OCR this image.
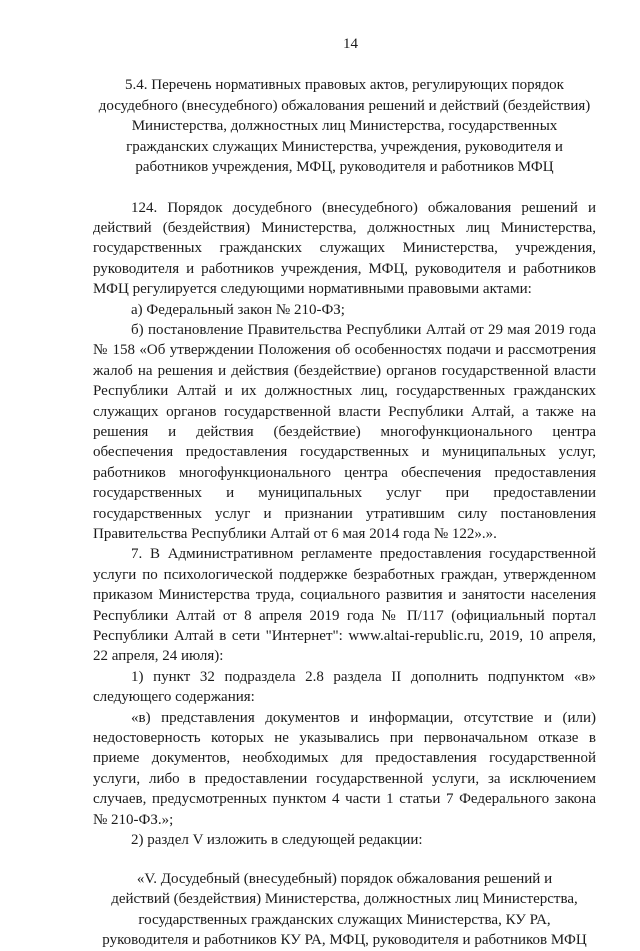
14
5.4. Перечень нормативных правовых актов, регулирующих порядок
досудебного (внесудебного) обжалования решений и действий (бездействия)
Министерства, должностных лиц Министерства, государственных
гражданских служащих Министерства, учреждения, руководителя и
работников учреждения, МФЦ, руководителя и работников МФЦ

124. Порядок досудебного (внесудебного) обжалования решений и действий (бездействия) Министерства, должностных лиц Министерства, государственных гражданских служащих Министерства, учреждения, руководителя и работников учреждения, МФЦ, руководителя и работников МФЦ регулируется следующими нормативными правовыми актами:

а) Федеральный закон № 210-ФЗ;

б) постановление Правительства Республики Алтай от 29 мая 2019 года № 158 «Об утверждении Положения об особенностях подачи и рассмотрения жалоб на решения и действия (бездействие) органов государственной власти Республики Алтай и их должностных лиц, государственных гражданских служащих органов государственной власти Республики Алтай, а также на решения и действия (бездействие) многофункционального центра обеспечения предоставления государственных и муниципальных услуг, работников многофункционального центра обеспечения предоставления государственных и муниципальных услуг при предоставлении государственных услуг и признании утратившим силу постановления Правительства Республики Алтай от 6 мая 2014 года № 122».».

7. В Административном регламенте предоставления государственной услуги по психологической поддержке безработных граждан, утвержденном приказом Министерства труда, социального развития и занятости населения Республики Алтай от 8 апреля 2019 года № П/117 (официальный портал Республики Алтай в сети "Интернет": www.altai-republic.ru, 2019, 10 апреля, 22 апреля, 24 июля):

1) пункт 32 подраздела 2.8 раздела II дополнить подпунктом «в» следующего содержания:

«в) представления документов и информации, отсутствие и (или) недостоверность которых не указывались при первоначальном отказе в приеме документов, необходимых для предоставления государственной услуги, либо в предоставлении государственной услуги, за исключением случаев, предусмотренных пунктом 4 части 1 статьи 7 Федерального закона № 210-ФЗ.»;

2) раздел V изложить в следующей редакции:

«V. Досудебный (внесудебный) порядок обжалования решений и
действий (бездействия) Министерства, должностных лиц Министерства,
государственных гражданских служащих Министерства, КУ РА,
руководителя и работников КУ РА, МФЦ, руководителя и работников МФЦ
